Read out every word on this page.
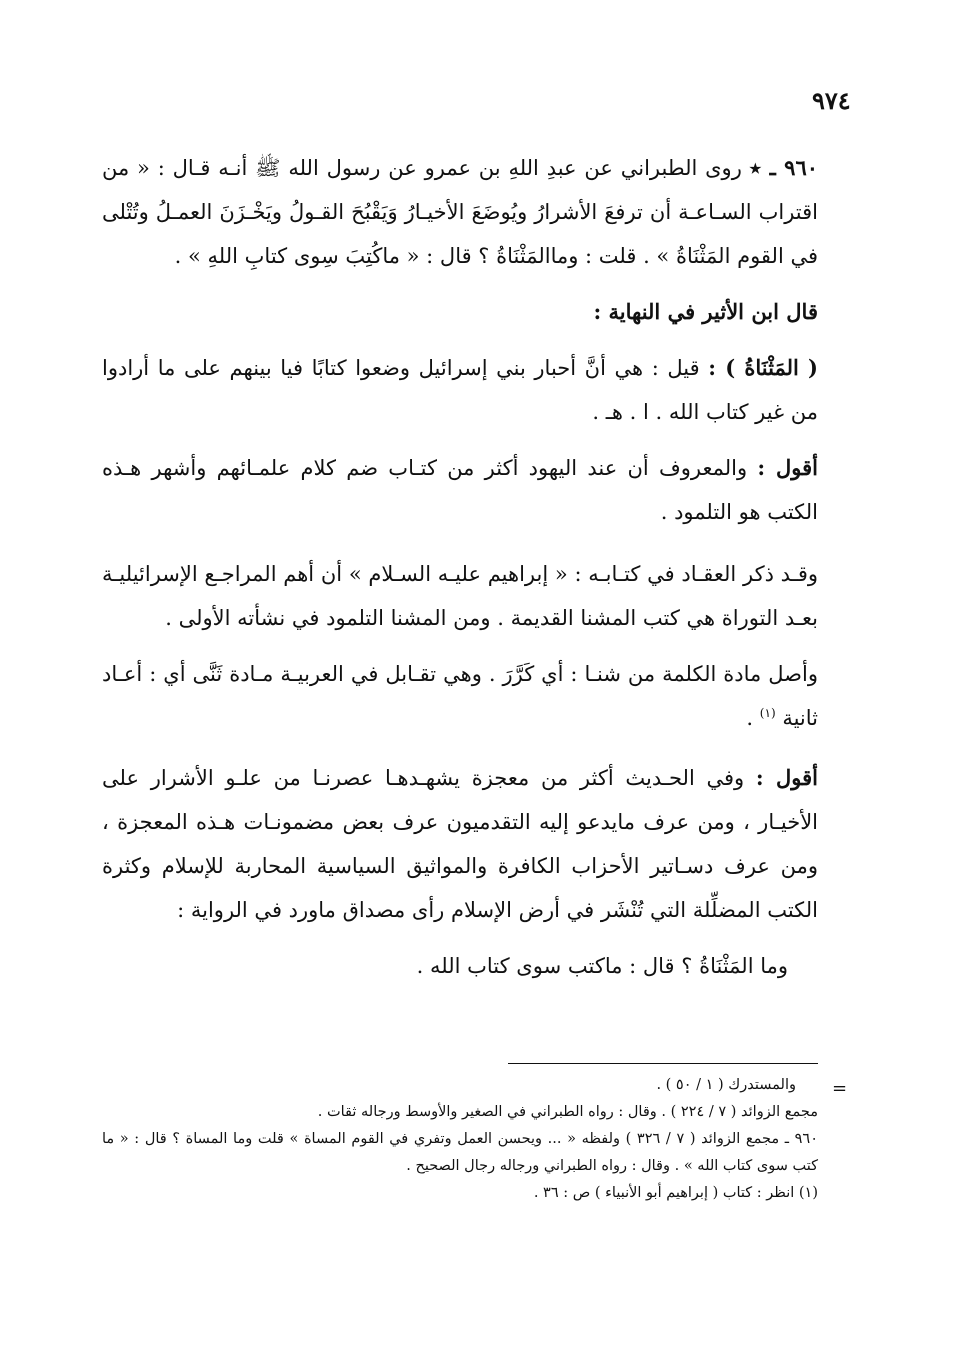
٩٧٤
٩٦٠ ـ ٭ روى الطبراني عن عبدِ اللهِ بن عمرو عن رسول الله ﷺ أنـه قـال : « من اقتراب السـاعـة أن ترفعَ الأشرارُ ويُوضَعَ الأخيـارُ وَيَقْبُحَ القـولُ ويَخْـزَنَ العمـلُ وتُتْلى في القوم المَثْنَاةُ » . قلت : وماالمَثْنَاةُ ؟ قال : « ماكُتِبَ سِوى كتابِ اللهِ » .
قال ابن الأثير في النهاية :
( المَثْنَاةُ ) : قيل : هي أنَّ أحبار بني إسرائيل وضعوا كتابًا فيا بينهم على ما أرادوا من غير كتاب الله . ا . هـ .
أقول : والمعروف أن عند اليهود أكثر من كتـاب ضم كلام علمـائهم وأشهر هـذه الكتب هو التلمود .
وقـد ذكر العقـاد في كتـابـه : « إبراهيم عليـه السـلام » أن أهم المراجـع الإسرائيليـة بعـد التوراة هي كتب المشنا القديمة . ومن المشنا التلمود في نشأته الأولى .
وأصل مادة الكلمة من شنـا : أي كَرَّرَ . وهي تقـابل في العربيـة مـادة ثَنَّى أي : أعـاد ثانية $^{(١)}$ .
أقول : وفي الحـديث أكثر من معجزة يشهـدهـا عصرنـا من علـو الأشرار على الأخيـار ، ومن عرف مايدعو إليه التقدميون عرف بعض مضمونـات هـذه المعجزة ، ومن عرف دسـاتير الأحزاب الكافرة والمواثيق السياسية المحاربة للإسلام وكثرة الكتب المضلِّلة التي تُنْشَر في أرض الإسلام رأى مصداق ماورد في الرواية :
وما المَثْنَاةُ ؟ قال : ماكتب سوى كتاب الله .
=
والمستدرك ( ١ / ٥٠ ) .
مجمع الزوائد ( ٧ / ٢٢٤ ) . وقال : رواه الطبراني في الصغير والأوسط ورجاله ثقات .
٩٦٠ ـ مجمع الزوائد ( ٧ / ٣٢٦ ) ولفظه « ... ويحسن العمل وتفري في القوم المساة » قلت وما المساة ؟ قال : « ما كتب سوى كتاب الله » . وقال : رواه الطبراني ورجاله رجال الصحيح .
(١) انظر : كتاب ( إبراهيم أبو الأنبياء ) ص : ٣٦ .
